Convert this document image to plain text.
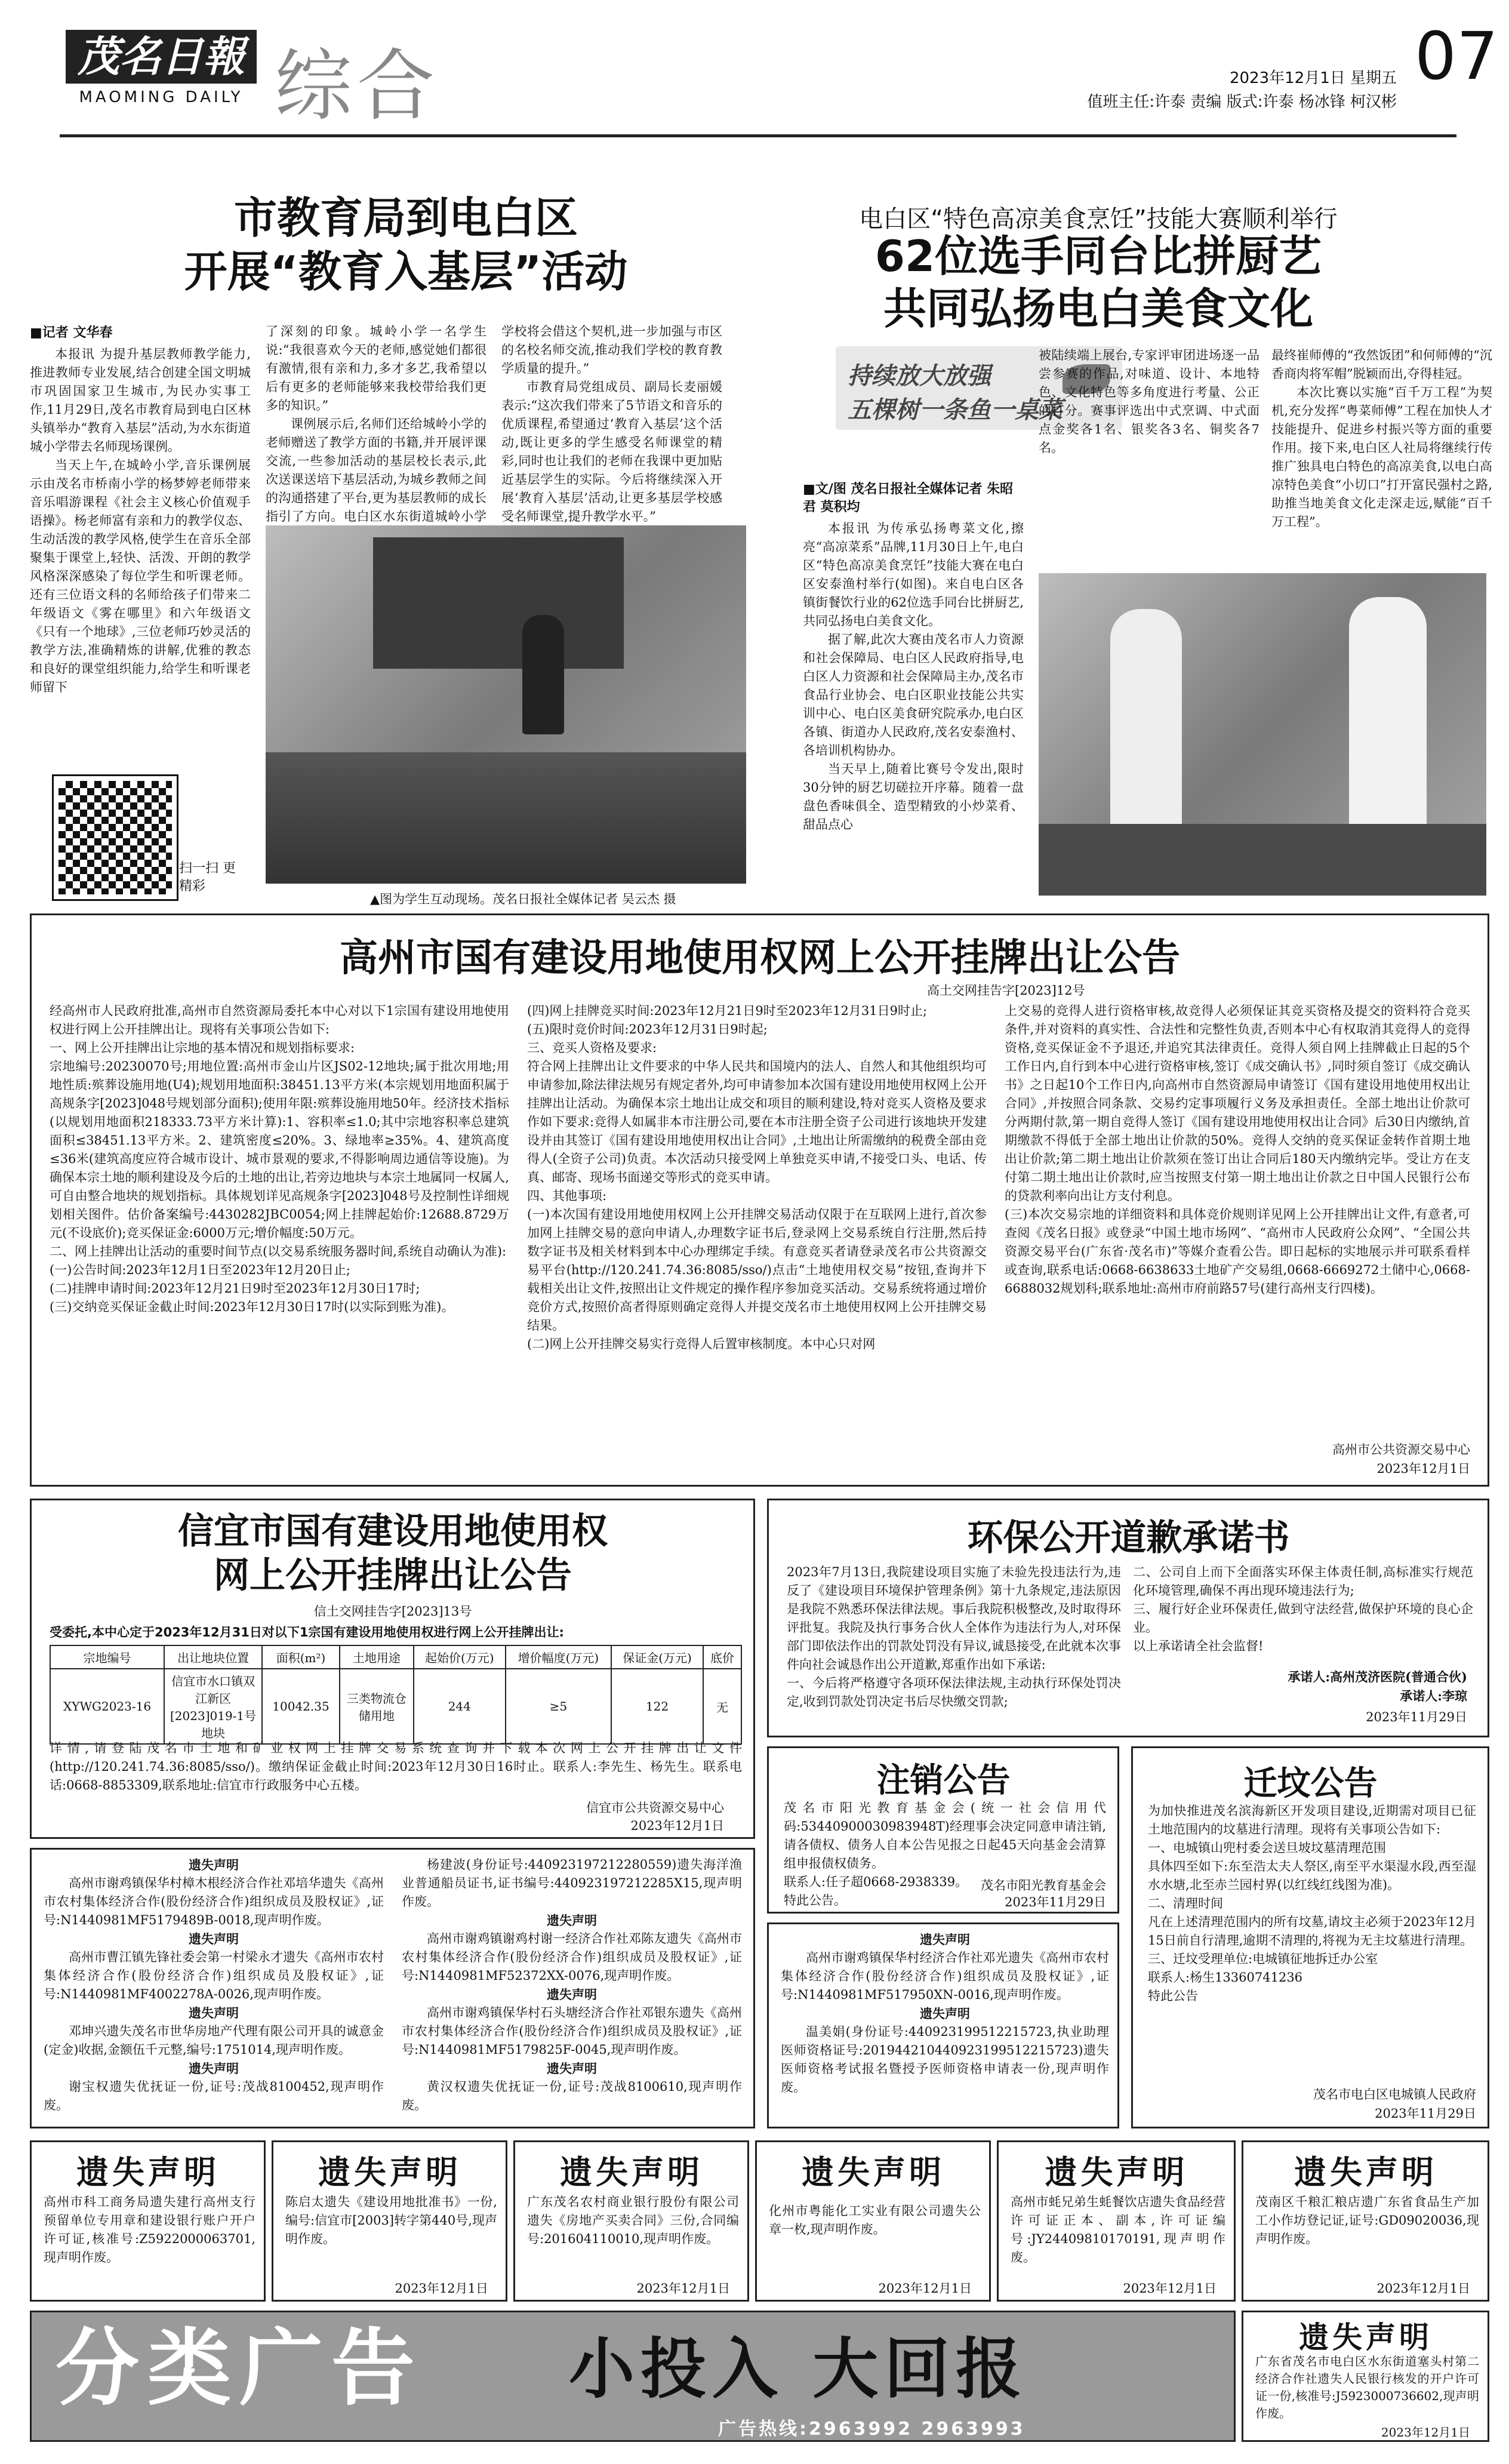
茂名日報
MAOMING DAILY 综合	2023年12月1日 星期五
值班主任:许泰 责编 版式:许泰 杨冰锋 柯汉彬
07
市教育局到电白区
开展“教育入基层”活动
■记者 文华春
本报讯 为提升基层教师教学能力,推进教师专业发展,结合创建全国文明城市巩固国家卫生城市,为民办实事工作,11月29日,茂名市教育局到电白区林头镇举办“教育入基层”活动,为水东街道城小学带去名师现场课例。
当天上午,在城岭小学,音乐课例展示由茂名市桥南小学的杨梦婷老师带来音乐唱游课程《社会主义核心价值观手语操》。杨老师富有亲和力的教学仪态、生动活泼的教学风格,使学生在音乐全部聚集于课堂上,轻快、活泼、开朗的教学风格深深感染了每位学生和听课老师。还有三位语文科的名师给孩子们带来二年级语文《雾在哪里》和六年级语文《只有一个地球》,三位老师巧妙灵活的教学方法,准确精炼的讲解,优雅的教态和良好的课堂组织能力,给学生和听课老师留下
了深刻的印象。城岭小学一名学生说:“我很喜欢今天的老师,感觉她们都很有激情,很有亲和力,多才多艺,我希望以后有更多的老师能够来我校带给我们更多的知识。”
课例展示后,名师们还给城岭小学的老师赠送了教学方面的书籍,并开展评课交流,一些参加活动的基层校长表示,此次送课送培下基层活动,为城乡教师之间的沟通搭建了平台,更为基层教师的成长指引了方向。电白区水东街道城岭小学
学校将会借这个契机,进一步加强与市区的名校名师交流,推动我们学校的教育教学质量的提升。”
市教育局党组成员、副局长麦丽媛表示:“这次我们带来了5节语文和音乐的优质课程,希望通过‘教育入基层’这个活动,既让更多的学生感受名师课堂的精彩,同时也让我们的老师在我课中更加贴近基层学生的实际。今后将继续深入开展‘教育入基层’活动,让更多基层学校感受名师课堂,提升教学水平。”
扫一扫 更精彩
▲图为学生互动现场。茂名日报社全媒体记者 吴云杰 摄
电白区“特色高凉美食烹饪”技能大赛顺利举行
62位选手同台比拼厨艺
共同弘扬电白美食文化
持续放大放强
五棵树一条鱼一桌菜
■文/图 茂名日报社全媒体记者 朱昭君 莫积均
本报讯 为传承弘扬粤菜文化,擦亮“高凉菜系”品牌,11月30日上午,电白区“特色高凉美食烹饪”技能大赛在电白区安泰渔村举行(如图)。来自电白区各镇街餐饮行业的62位选手同台比拼厨艺,共同弘扬电白美食文化。
据了解,此次大赛由茂名市人力资源和社会保障局、电白区人民政府指导,电白区人力资源和社会保障局主办,茂名市食品行业协会、电白区职业技能公共实训中心、电白区美食研究院承办,电白区各镇、街道办人民政府,茂名安泰渔村、各培训机构协办。
当天早上,随着比赛号令发出,限时30分钟的厨艺切磋拉开序幕。随着一盘盘色香味俱全、造型精致的小炒菜肴、甜品点心
被陆续端上展台,专家评审团进场逐一品尝参赛的作品,对味道、设计、本地特色、文化特色等多角度进行考量、公正的打分。赛事评选出中式烹调、中式面点金奖各1名、银奖各3名、铜奖各7名。
最终崔师傅的“孜然饭团”和何师傅的“沉香商肉将军帽”脱颖而出,夺得桂冠。
本次比赛以实施“百千万工程”为契机,充分发挥“粤菜师傅”工程在加快人才技能提升、促进乡村振兴等方面的重要作用。接下来,电白区人社局将继续行传推广独具电白特色的高凉美食,以电白高凉特色美食“小切口”打开富民强村之路,助推当地美食文化走深走远,赋能“百千万工程”。
高州市国有建设用地使用权网上公开挂牌出让公告
高土交网挂告字[2023]12号
经高州市人民政府批准,高州市自然资源局委托本中心对以下1宗国有建设用地使用权进行网上公开挂牌出让。现将有关事项公告如下:
一、网上公开挂牌出让宗地的基本情况和规划指标要求:
宗地编号:20230070号;用地位置:高州市金山片区JS02-12地块;属于批次用地;用地性质:殡葬设施用地(U4);规划用地面积:38451.13平方米(本宗规划用地面积属于高规条字[2023]048号规划部分面积);使用年限:殡葬设施用地50年。经济技术指标(以规划用地面积218333.73平方米计算):1、容积率≤1.0;其中宗地容积率总建筑面积≤38451.13平方米。2、建筑密度≤20%。3、绿地率≥35%。4、建筑高度≤36米(建筑高度应符合城市设计、城市景观的要求,不得影响周边通信等设施)。为确保本宗土地的顺利建设及今后的土地的出让,若旁边地块与本宗土地属同一权属人,可自由整合地块的规划指标。具体规划详见高规条字[2023]048号及控制性详细规划相关图件。估价备案编号:4430282JBC0054;网上挂牌起始价:12688.8729万元(不设底价);竞买保证金:6000万元;增价幅度:50万元。
二、网上挂牌出让活动的重要时间节点(以交易系统服务器时间,系统自动确认为准):
(一)公告时间:2023年12月1日至2023年12月20日止;
(二)挂牌申请时间:2023年12月21日9时至2023年12月30日17时;
(三)交纳竞买保证金截止时间:2023年12月30日17时(以实际到账为准)。
(四)网上挂牌竞买时间:2023年12月21日9时至2023年12月31日9时止;
(五)限时竞价时间:2023年12月31日9时起;
三、竞买人资格及要求:
符合网上挂牌出让文件要求的中华人民共和国境内的法人、自然人和其他组织均可申请参加,除法律法规另有规定者外,均可申请参加本次国有建设用地使用权网上公开挂牌出让活动。为确保本宗土地出让成交和项目的顺利建设,特对竞买人资格及要求作如下要求:竞得人如属非本市注册公司,要在本市注册全资子公司进行该地块开发建设并由其签订《国有建设用地使用权出让合同》,土地出让所需缴纳的税费全部由竞得人(全资子公司)负责。本次活动只接受网上单独竞买申请,不接受口头、电话、传真、邮寄、现场书面递交等形式的竞买申请。
四、其他事项:
(一)本次国有建设用地使用权网上公开挂牌交易活动仅限于在互联网上进行,首次参加网上挂牌交易的意向申请人,办理数字证书后,登录网上交易系统自行注册,然后持数字证书及相关材料到本中心办理绑定手续。有意竞买者请登录茂名市公共资源交易平台(http://120.241.74.36:8085/sso/)点击“土地使用权交易”按钮,查询并下载相关出让文件,按照出让文件规定的操作程序参加竞买活动。交易系统将通过增价竞价方式,按照价高者得原则确定竞得人并提交茂名市土地使用权网上公开挂牌交易结果。
(二)网上公开挂牌交易实行竞得人后置审核制度。本中心只对网
上交易的竞得人进行资格审核,故竞得人必须保证其竞买资格及提交的资料符合竞买条件,并对资料的真实性、合法性和完整性负责,否则本中心有权取消其竞得人的竞得资格,竞买保证金不予退还,并追究其法律责任。竞得人须自网上挂牌截止日起的5个工作日内,自行到本中心进行资格审核,签订《成交确认书》,同时须自签订《成交确认书》之日起10个工作日内,向高州市自然资源局申请签订《国有建设用地使用权出让合同》,并按照合同条款、交易约定事项履行义务及承担责任。全部土地出让价款可分两期付款,第一期自竞得人签订《国有建设用地使用权出让合同》后30日内缴纳,首期缴款不得低于全部土地出让价款的50%。竞得人交纳的竞买保证金转作首期土地出让价款;第二期土地出让价款须在签订出让合同后180天内缴纳完毕。受让方在支付第二期土地出让价款时,应当按照支付第一期土地出让价款之日中国人民银行公布的贷款利率向出让方支付利息。
(三)本次交易宗地的详细资料和具体竞价规则详见网上公开挂牌出让文件,有意者,可查阅《茂名日报》或登录“中国土地市场网”、“高州市人民政府公众网”、“全国公共资源交易平台(广东省·茂名市)”等媒介查看公告。即日起标的实地展示并可联系看样或查询,联系电话:0668-6638633土地矿产交易组,0668-6669272土储中心,0668-6688032规划科;联系地址:高州市府前路57号(建行高州支行四楼)。
高州市公共资源交易中心
2023年12月1日
信宜市国有建设用地使用权
网上公开挂牌出让公告
信土交网挂告字[2023]13号
受委托,本中心定于2023年12月31日对以下1宗国有建设用地使用权进行网上公开挂牌出让:
宗地编号	出让地块位置	面积(m²)	土地用途	起始价(万元)	增价幅度(万元)	保证金(万元)	底价
XYWG2023-16	信宜市水口镇双江新区[2023]019-1号地块	10042.35	三类物流仓储用地	244	≥5	122	无
详情,请登陆茂名市土地和矿业权网上挂牌交易系统查询并下载本次网上公开挂牌出让文件(http://120.241.74.36:8085/sso/)。缴纳保证金截止时间:2023年12月30日16时止。联系人:李先生、杨先生。联系电话:0668-8853309,联系地址:信宜市行政服务中心五楼。
信宜市公共资源交易中心
2023年12月1日
环保公开道歉承诺书
2023年7月13日,我院建设项目实施了未验先投违法行为,违反了《建设项目环境保护管理条例》第十九条规定,违法原因是我院不熟悉环保法律法规。事后我院积极整改,及时取得环评批复。我院及执行事务合伙人全体作为违法行为人,对环保部门即依法作出的罚款处罚没有异议,诚恳接受,在此就本次事件向社会诚恳作出公开道歉,郑重作出如下承诺:
一、今后将严格遵守各项环保法律法规,主动执行环保处罚决定,收到罚款处罚决定书后尽快缴交罚款;
二、公司自上而下全面落实环保主体责任制,高标准实行规范化环境管理,确保不再出现环境违法行为;
三、履行好企业环保责任,做到守法经营,做保护环境的良心企业。
以上承诺请全社会监督!
承诺人:高州茂济医院(普通合伙)
承诺人:李琼
2023年11月29日
注销公告
茂名市阳光教育基金会(统一社会信用代码:53440900030983948T)经理事会决定同意申请注销,请各债权、债务人自本公告见报之日起45天向基金会清算组申报债权债务。
联系人:任子超0668-2938339。
特此公告。
茂名市阳光教育基金会
2023年11月29日
迁坟公告
为加快推进茂名滨海新区开发项目建设,近期需对项目已征土地范围内的坟墓进行清理。现将有关事项公告如下:
一、电城镇山兜村委会送旦坡坟墓清理范围
具体四至如下:东至浩太夫人祭区,南至平水渠湿水段,西至湿水水塘,北至赤兰园村界(以红线红线图为准)。
二、清理时间
凡在上述清理范围内的所有坟墓,请坟主必须于2023年12月15日前自行清理,逾期不清理的,将视为无主坟墓进行清理。
三、迁坟受理单位:电城镇征地拆迁办公室
联系人:杨生13360741236
特此公告
茂名市电白区电城镇人民政府
2023年11月29日
遗失声明
高州市谢鸡镇保华村樟木根经济合作社邓培华遗失《高州市农村集体经济合作(股份经济合作)组织成员及股权证》,证号:N1440981MF5179489B-0018,现声明作废。
遗失声明
高州市曹江镇先锋社委会第一村梁永才遗失《高州市农村集体经济合作(股份经济合作)组织成员及股权证》,证号:N1440981MF4002278A-0026,现声明作废。
遗失声明
邓坤兴遗失茂名市世华房地产代理有限公司开具的诚意金(定金)收据,金额伍千元整,编号:1751014,现声明作废。
遗失声明
谢宝权遗失优抚证一份,证号:茂战8100452,现声明作废。
杨建波(身份证号:440923197212280559)遗失海洋渔业普通船员证书,证书编号:440923197212285X15,现声明作废。
遗失声明
高州市谢鸡镇谢鸡村谢一经济合作社邓陈友遗失《高州市农村集体经济合作(股份经济合作)组织成员及股权证》,证号:N1440981MF52372XX-0076,现声明作废。
遗失声明
高州市谢鸡镇保华村石头塘经济合作社邓银东遗失《高州市农村集体经济合作(股份经济合作)组织成员及股权证》,证号:N1440981MF5179825F-0045,现声明作废。
遗失声明
黄汉权遗失优抚证一份,证号:茂战8100610,现声明作废。
遗失声明
高州市谢鸡镇保华村经济合作社邓光遗失《高州市农村集体经济合作(股份经济合作)组织成员及股权证》,证号:N1440981MF517950XN-0016,现声明作废。
遗失声明
温美娟(身份证号:440923199512215723,执业助理医师资格证号:201944210440923199512215723)遗失医师资格考试报名暨授予医师资格申请表一份,现声明作废。
遗失声明
高州市科工商务局遗失建行高州支行预留单位专用章和建设银行账户开户许可证,核准号:Z5922000063701,现声明作废。
遗失声明
陈启太遗失《建设用地批准书》一份,编号:信宜市[2003]转字第440号,现声明作废。
2023年12月1日
遗失声明
广东茂名农村商业银行股份有限公司遗失《房地产买卖合同》三份,合同编号:201604110010,现声明作废。
2023年12月1日
遗失声明
化州市粤能化工实业有限公司遗失公章一枚,现声明作废。
2023年12月1日
遗失声明
高州市蚝兄弟生蚝餐饮店遗失食品经营许可证正本、副本,许可证编号:JY24409810170191,现声明作废。
2023年12月1日
遗失声明
茂南区千粮汇粮店遗广东省食品生产加工小作坊登记证,证号:GD09020036,现声明作废。
2023年12月1日
分类广告 小投入 大回报
广告热线:2963992 2963993
遗失声明
广东省茂名市电白区水东街道塞头村第二经济合作社遗失人民银行核发的开户许可证一份,核准号:J5923000736602,现声明作废。
2023年12月1日
